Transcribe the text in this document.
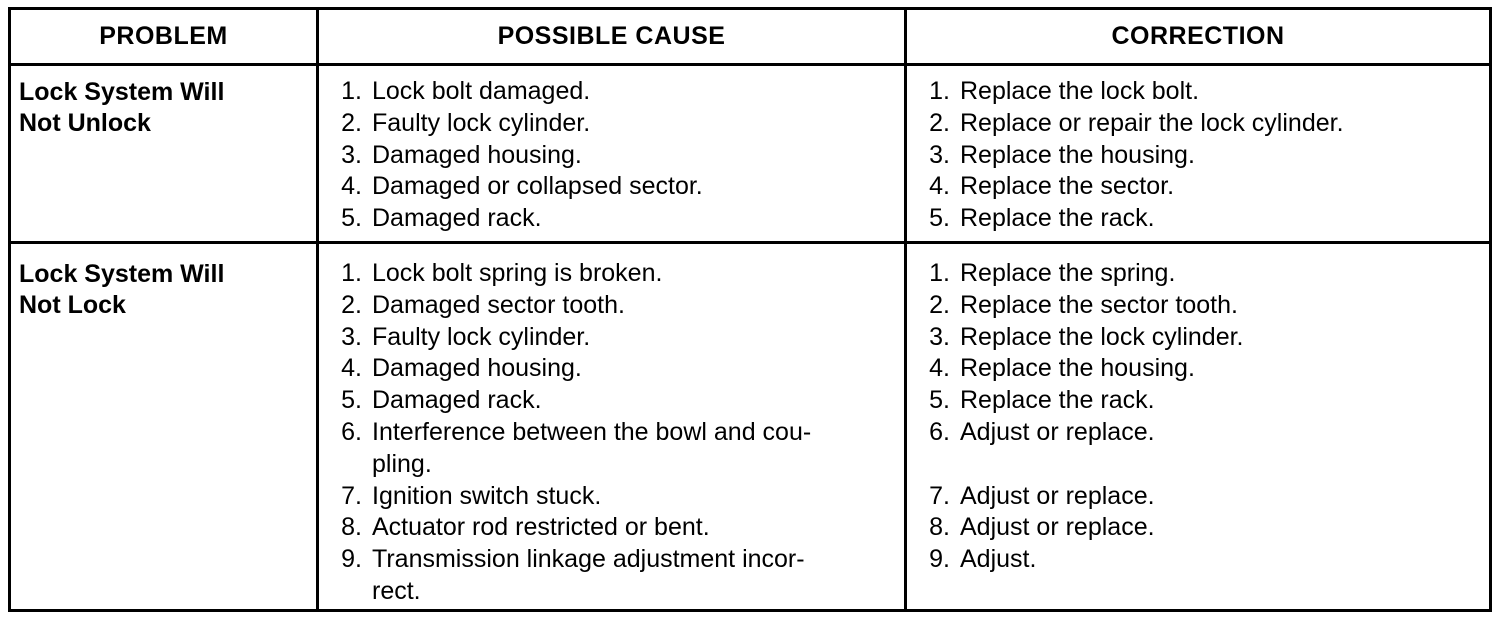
PROBLEM	POSSIBLE CAUSE	CORRECTION
Lock System Will
Not Unlock
1. Lock bolt damaged.
2. Faulty lock cylinder.
3. Damaged housing.
4. Damaged or collapsed sector.
5. Damaged rack.
1. Replace the lock bolt.
2. Replace or repair the lock cylinder.
3. Replace the housing.
4. Replace the sector.
5. Replace the rack.
Lock System Will
Not Lock
1. Lock bolt spring is broken.
2. Damaged sector tooth.
3. Faulty lock cylinder.
4. Damaged housing.
5. Damaged rack.
6. Interference between the bowl and cou-
pling.
7. Ignition switch stuck.
8. Actuator rod restricted or bent.
9. Transmission linkage adjustment incor-
rect.
1. Replace the spring.
2. Replace the sector tooth.
3. Replace the lock cylinder.
4. Replace the housing.
5. Replace the rack.
6. Adjust or replace.

7. Adjust or replace.
8. Adjust or replace.
9. Adjust.
